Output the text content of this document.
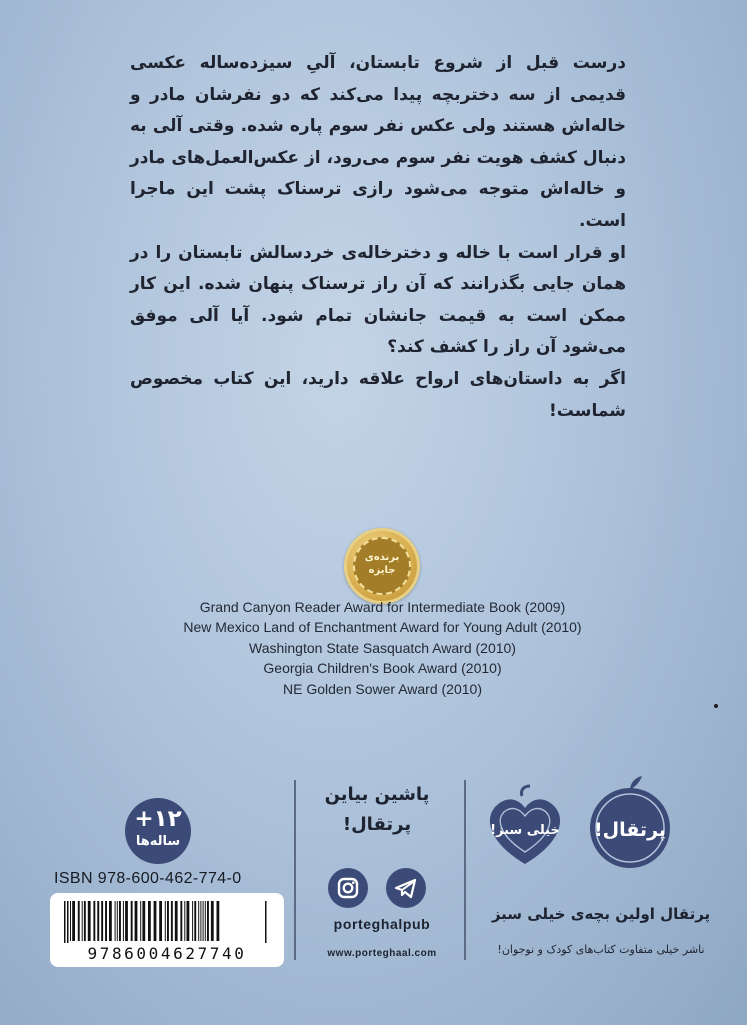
درست قبل از شروع تابستان، آلیِ سیزده‌ساله عکسی قدیمی از سه دختربچه پیدا می‌کند که دو نفرشان مادر و خاله‌اش هستند ولی عکس نفر سوم پاره شده. وقتی آلی به دنبال کشف هویت نفر سوم می‌رود، از عکس‌العمل‌های مادر و خاله‌اش متوجه می‌شود رازی ترسناک پشت این ماجرا است.

او قرار است با خاله و دخترخاله‌ی خردسالش تابستان را در همان جایی بگذرانند که آن راز ترسناک پنهان شده. این کار ممکن است به قیمت جانشان تمام شود. آیا آلی موفق می‌شود آن راز را کشف کند؟

اگر به داستان‌های ارواح علاقه دارید، این کتاب مخصوص شماست!

برنده‌ی
جایزه
Grand Canyon Reader Award for Intermediate Book (2009)
New Mexico Land of Enchantment Award for Young Adult (2010)
Washington State Sasquatch Award (2010)
Georgia Children's Book Award (2010)
NE Golden Sower Award (2010)
+۱۲
ساله‌ها
ISBN 978-600-462-774-0
9786004627740
پاشین بیاین
پرتقال!
porteghalpub
www.porteghaal.com
پرتقال!
خیلی سبز!
پرتقال اولین بچه‌ی خیلی سبز
ناشر خیلی متفاوت کتاب‌های کودک و نوجوان!
